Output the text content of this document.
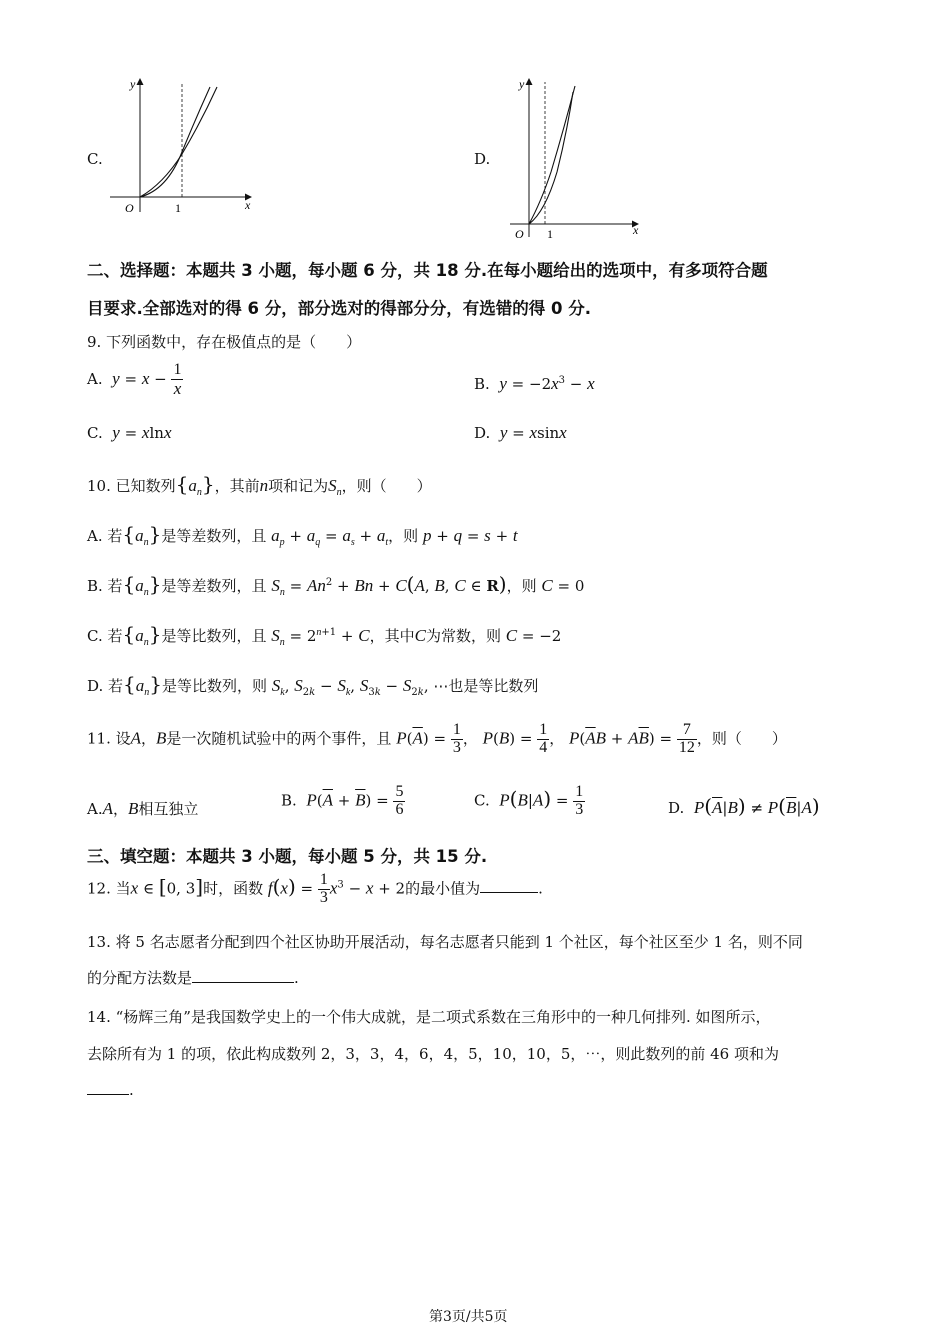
C.
y
x
O	1
D.
y
x
O 1
二、选择题：本题共 3 小题，每小题 6 分，共 18 分.在每小题给出的选项中，有多项符合题
目要求.全部选对的得 6 分，部分选对的得部分分，有选错的得 0 分.
9. 下列函数中，存在极值点的是（　　）
A. $y = x - \frac{1}{x}$	B. $y = -2x^3 - x$
C. y = xlnx	D. y = xsinx
10. 已知数列$\{a_n\}$，其前n项和记为$S_n$，则（　　）
A. 若$\{a_n\}$是等差数列，且 $a_p + a_q = a_s + a_t$，则 p + q = s + t
B. 若$\{a_n\}$是等差数列，且 $S_n = An^2 + Bn + C(A$, B, C ∈ R)，则 C = 0
C. 若$\{a_n\}$是等比数列，且 $S_n = 2^{n+1} + C$，其中C为常数，则 C = −2
D. 若$\{a_n\}$是等比数列，则 $S_k$, $S_{2k} - S_k$, $S_{3k} - S_{2k}$, ⋯也是等比数列
11. 设A，B是一次随机试验中的两个事件，且 $P(\overline{A}) = \frac{1}{3}$ ， $P(B) = \frac{1}{4}$ ， $P(\overline{A}B + A\overline{B}) = \frac{7}{12}$ ，则（　　）
A.A，B相互独立	B. $P(\overline{A} + \overline{B}) = \frac{5}{6}$	C. $P(B|A) = \frac{1}{3}$	D. $P(\overline{A}|B) \ne P(\overline{B}|A)$
三、填空题：本题共 3 小题，每小题 5 分，共 15 分.
12. 当x ∈ [0, 3]时，函数 $f(x) = \frac{1}{3} x^3 - x + 2$的最小值为	.
13. 将 5 名志愿者分配到四个社区协助开展活动，每名志愿者只能到 1 个社区，每个社区至少 1 名，则不同
的分配方法数是	.
14. “杨辉三角”是我国数学史上的一个伟大成就，是二项式系数在三角形中的一种几何排列. 如图所示，
去除所有为 1 的项，依此构成数列 2，3，3，4，6，4，5，10，10，5，⋯，则此数列的前 46 项和为
.
第3页/共5页
